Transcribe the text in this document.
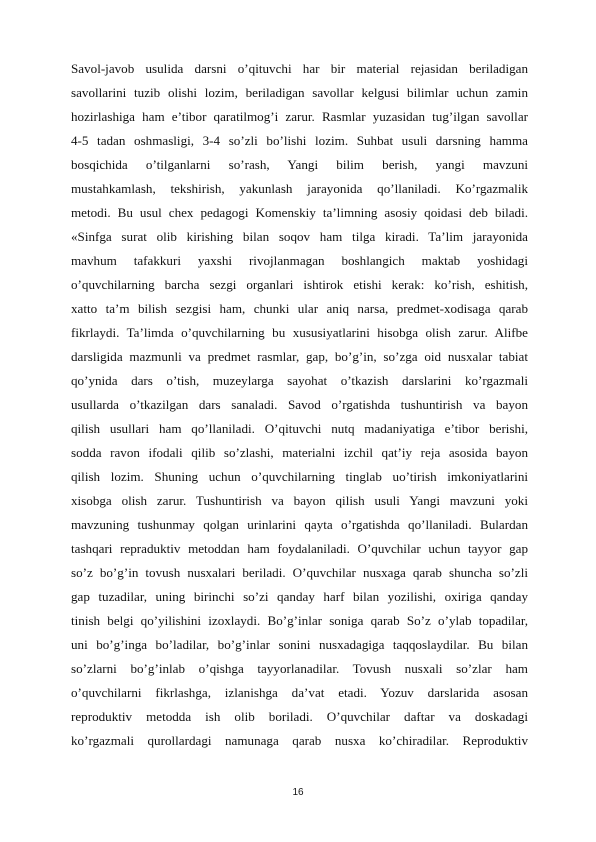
Savol-javob usulida darsni o’qituvchi har bir material rejasidan beriladigan
savollarini tuzib olishi lozim, beriladigan savollar kelgusi bilimlar uchun zamin
hozirlashiga ham e’tibor qaratilmog’i zarur. Rasmlar yuzasidan tug’ilgan savollar
4-5 tadan oshmasligi, 3-4 so’zli bo’lishi lozim. Suhbat usuli darsning hamma
bosqichida o’tilganlarni so’rash, Yangi bilim berish, yangi mavzuni
mustahkamlash, tekshirish, yakunlash jarayonida qo’llaniladi. Ko’rgazmalik
metodi. Bu usul chex pedagogi Komenskiy ta’limning asosiy qoidasi deb biladi.
«Sinfga surat olib kirishing bilan soqov ham tilga kiradi. Ta’lim jarayonida
mavhum tafakkuri yaxshi rivojlanmagan boshlangich maktab yoshidagi
o’quvchilarning barcha sezgi organlari ishtirok etishi kerak: ko’rish, eshitish,
xatto ta’m bilish sezgisi ham, chunki ular aniq narsa, predmet-xodisaga qarab
fikrlaydi. Ta’limda o’quvchilarning bu xususiyatlarini hisobga olish zarur. Alifbe
darsligida mazmunli va predmet rasmlar, gap, bo’g’in, so’zga oid nusxalar tabiat
qo’ynida dars o’tish, muzeylarga sayohat o’tkazish darslarini ko’rgazmali
usullarda o’tkazilgan dars sanaladi. Savod o’rgatishda tushuntirish va bayon
qilish usullari ham qo’llaniladi. O’qituvchi nutq madaniyatiga e’tibor berishi,
sodda ravon ifodali qilib so’zlashi, materialni izchil qat’iy reja asosida bayon
qilish lozim. Shuning uchun o’quvchilarning tinglab uo’tirish imkoniyatlarini
xisobga olish zarur. Tushuntirish va bayon qilish usuli Yangi mavzuni yoki
mavzuning tushunmay qolgan urinlarini qayta o’rgatishda qo’llaniladi. Bulardan
tashqari repraduktiv metoddan ham foydalaniladi. O’quvchilar uchun tayyor gap
so’z bo’g’in tovush nusxalari beriladi. O’quvchilar nusxaga qarab shuncha so’zli
gap tuzadilar, uning birinchi so’zi qanday harf bilan yozilishi, oxiriga qanday
tinish belgi qo’yilishini izoxlaydi. Bo’g’inlar soniga qarab So’z o’ylab topadilar,
uni bo’g’inga bo’ladilar, bo’g’inlar sonini nusxadagiga taqqoslaydilar. Bu bilan
so’zlarni bo’g’inlab o’qishga tayyorlanadilar. Tovush nusxali so’zlar ham
o’quvchilarni fikrlashga, izlanishga da’vat etadi. Yozuv darslarida asosan
reproduktiv metodda ish olib boriladi. O’quvchilar daftar va doskadagi
ko’rgazmali qurollardagi namunaga qarab nusxa ko’chiradilar. Reproduktiv
16
